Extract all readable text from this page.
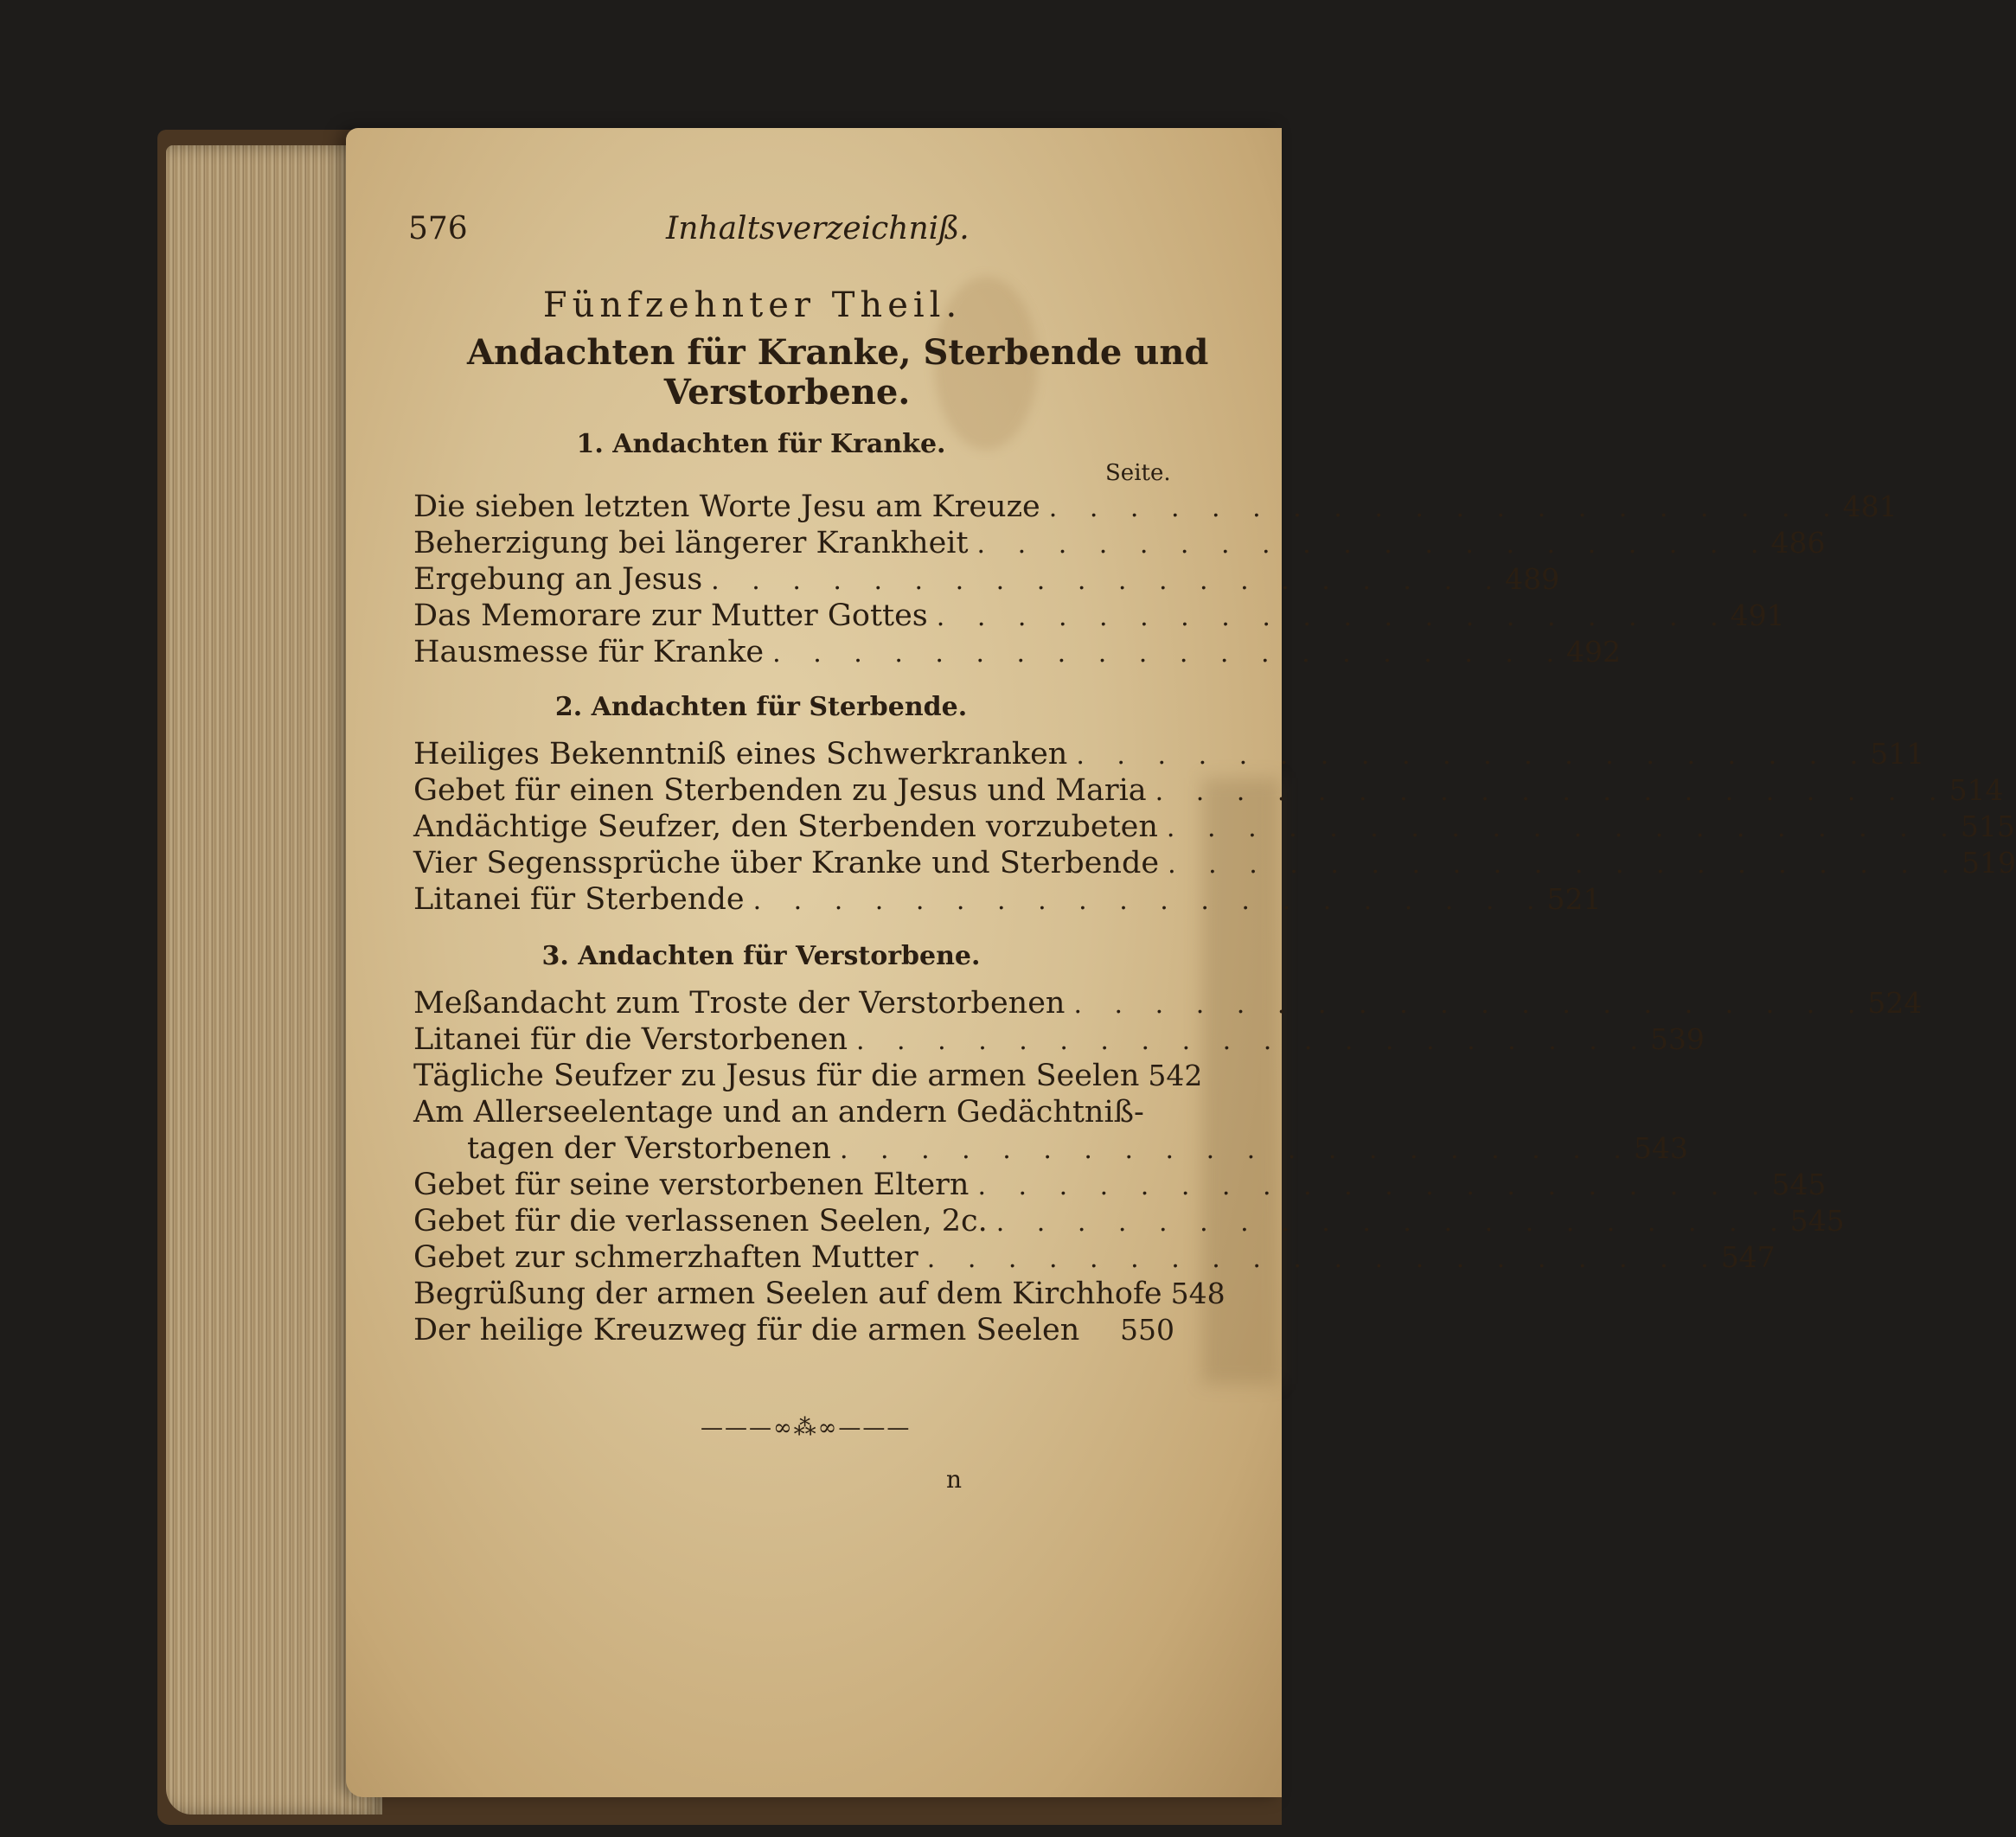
576	Inhaltsverzeichniß.
Fünfzehnter Theil.
Andachten für Kranke, Sterbende und
Verstorbene.
Seite.
1. Andachten für Kranke.
Die sieben letzten Worte Jesu am Kreuze . . . . . . . . . . . . . . . . . . . . 481
Beherzigung bei längerer Krankheit . . . . . . . . . . . . . . . . . . . . 486
Ergebung an Jesus . . . . . . . . . . . . . . . . . . . . 489
Das Memorare zur Mutter Gottes . . . . . . . . . . . . . . . . . . . . 491
Hausmesse für Kranke . . . . . . . . . . . . . . . . . . . . 492
2. Andachten für Sterbende.
Heiliges Bekenntniß eines Schwerkranken . . . . . . . . . . . . . . . . . . . . 511
Gebet für einen Sterbenden zu Jesus und Maria . . . . . . . . . . . . . . . . . . . . 514
Andächtige Seufzer, den Sterbenden vorzubeten . . . . . . . . . . . . . . . . . . . . 515
Vier Segenssprüche über Kranke und Sterbende . . . . . . . . . . . . . . . . . . . . 519
Litanei für Sterbende . . . . . . . . . . . . . . . . . . . . 521
3. Andachten für Verstorbene.
Meßandacht zum Troste der Verstorbenen . . . . . . . . . . . . . . . . . . . . 524
Litanei für die Verstorbenen . . . . . . . . . . . . . . . . . . . . 539
Tägliche Seufzer zu Jesus für die armen Seelen 542
Am Allerseelentage und an andern Gedächtniß-
tagen der Verstorbenen . . . . . . . . . . . . . . . . . . . . 543
Gebet für seine verstorbenen Eltern . . . . . . . . . . . . . . . . . . . . 545
Gebet für die verlassenen Seelen, 2c. . . . . . . . . . . . . . . . . . . . . 545
Gebet zur schmerzhaften Mutter . . . . . . . . . . . . . . . . . . . . 547
Begrüßung der armen Seelen auf dem Kirchhofe 548
Der heilige Kreuzweg für die armen Seelen 550
———∞⁂∞———
n
